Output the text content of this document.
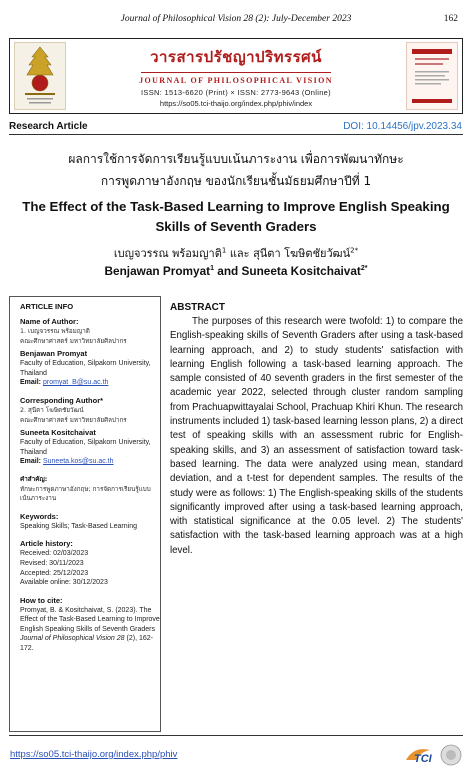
Journal of Philosophical Vision 28 (2): July-December 2023	162
วารสารปรัชญาปริทรรศน์
JOURNAL OF PHILOSOPHICAL VISION
ISSN: 1513-6620 (Print) × ISSN: 2773-9643 (Online)
https://so05.tci-thaijo.org/index.php/phiv/index
Research Article	DOI: 10.14456/jpv.2023.34
ผลการใช้การจัดการเรียนรู้แบบเน้นภาระงาน เพื่อการพัฒนาทักษะ
การพูดภาษาอังกฤษ ของนักเรียนชั้นมัธยมศึกษาปีที่ 1
The Effect of the Task-Based Learning to Improve English Speaking
Skills of Seventh Graders
เบญจวรรณ พร้อมญาติ$^1$ และ สุนีตา โฆษิตชัยวัฒน์$^{2*}$
Benjawan Promyat$^1$ and Suneeta Kositchaivat$^{2*}$
ARTICLE INFO
Name of Author:
1. เบญจวรรณ พร้อมญาติ
คณะศึกษาศาสตร์ มหาวิทยาลัยศิลปากร
Benjawan Promyat
Faculty of Education, Silpakorn University, Thailand
Email: promyat_B@su.ac.th
Corresponding Author*
2. สุนีตา โฆษิตชัยวัฒน์
คณะศึกษาศาสตร์ มหาวิทยาลัยศิลปากร
Suneeta Kositchaivat
Faculty of Education, Silpakorn University, Thailand
Email: Suneeta.kos@su.ac.th
คำสำคัญ:
ทักษะการพูดภาษาอังกฤษ; การจัดการเรียนรู้แบบเน้นภาระงาน
Keywords:
Speaking Skills; Task-Based Learning
Article history:
Received: 02/03/2023
Revised: 30/11/2023
Accepted: 25/12/2023
Available online: 30/12/2023
How to cite:
Promyat, B. & Kositchaivat, S. (2023). The Effect of the Task-Based Learning to Improve English Speaking Skills of Seventh Graders Journal of Philosophical Vision 28 (2), 162-172.
ABSTRACT

The purposes of this research were twofold: 1) to compare the English-speaking skills of Seventh Graders after using a task-based learning approach, and 2) to study students' satisfaction with learning English following a task-based learning approach. The sample consisted of 40 seventh graders in the first semester of the academic year 2022, selected through cluster random sampling from Prachuapwittayalai School, Prachuap Khiri Khun. The research instruments included 1) task-based learning lesson plans, 2) a direct test of speaking skills with an assessment rubric for English-speaking skills, and 3) an assessment of satisfaction toward task-based learning. The data were analyzed using mean, standard deviation, and a t-test for dependent samples. The results of the study were as follows: 1) The English-speaking skills of the students significantly improved after using a task-based learning approach, with statistical significance at the 0.05 level. 2) The students' satisfaction with the task-based learning approach was at a high level.

https://so05.tci-thaijo.org/index.php/phiv	TCI
